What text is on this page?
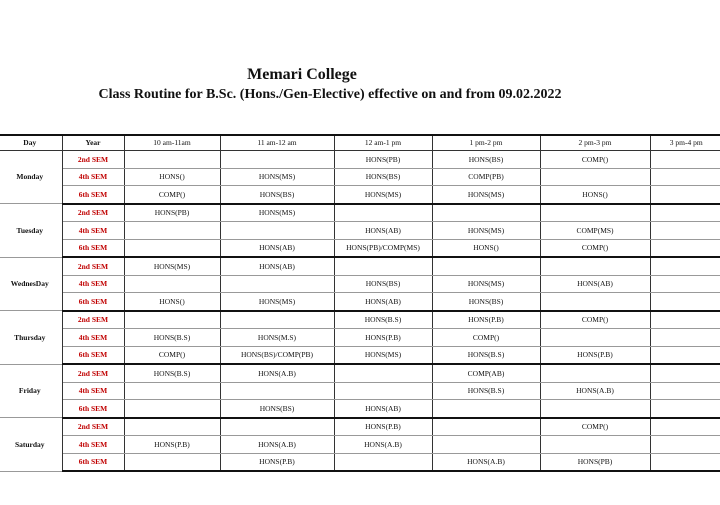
Memari College
Class Routine for B.Sc. (Hons./Gen-Elective) effective on and from 09.02.2022
Day	Year	10 am-11am	11 am-12 am	12 am-1 pm	1 pm-2 pm	2 pm-3 pm	3 pm-4 pm
Monday	2nd SEM			HONS(PB)	HONS(BS)	COMP()	
	4th SEM	HONS()	HONS(MS)	HONS(BS)	COMP(PB)		
	6th SEM	COMP()	HONS(BS)	HONS(MS)	HONS(MS)	HONS()	
Tuesday	2nd SEM	HONS(PB)	HONS(MS)				
	4th SEM			HONS(AB)	HONS(MS)	COMP(MS)	
	6th SEM		HONS(AB)	HONS(PB)/COMP(MS)	HONS()	COMP()	
WednesDay	2nd SEM	HONS(MS)	HONS(AB)				
	4th SEM			HONS(BS)	HONS(MS)	HONS(AB)	
	6th SEM	HONS()	HONS(MS)	HONS(AB)	HONS(BS)		
Thursday	2nd SEM			HONS(B.S)	HONS(P.B)	COMP()	
	4th SEM	HONS(B.S)	HONS(M.S)	HONS(P.B)	COMP()		
	6th SEM	COMP()	HONS(BS)/COMP(PB)	HONS(MS)	HONS(B.S)	HONS(P.B)	
Friday	2nd SEM	HONS(B.S)	HONS(A.B)		COMP(AB)		
	4th SEM				HONS(B.S)	HONS(A.B)	
	6th SEM		HONS(BS)	HONS(AB)			
Saturday	2nd SEM			HONS(P.B)		COMP()	
	4th SEM	HONS(P.B)	HONS(A.B)	HONS(A.B)			
	6th SEM		HONS(P.B)		HONS(A.B)	HONS(PB)	
